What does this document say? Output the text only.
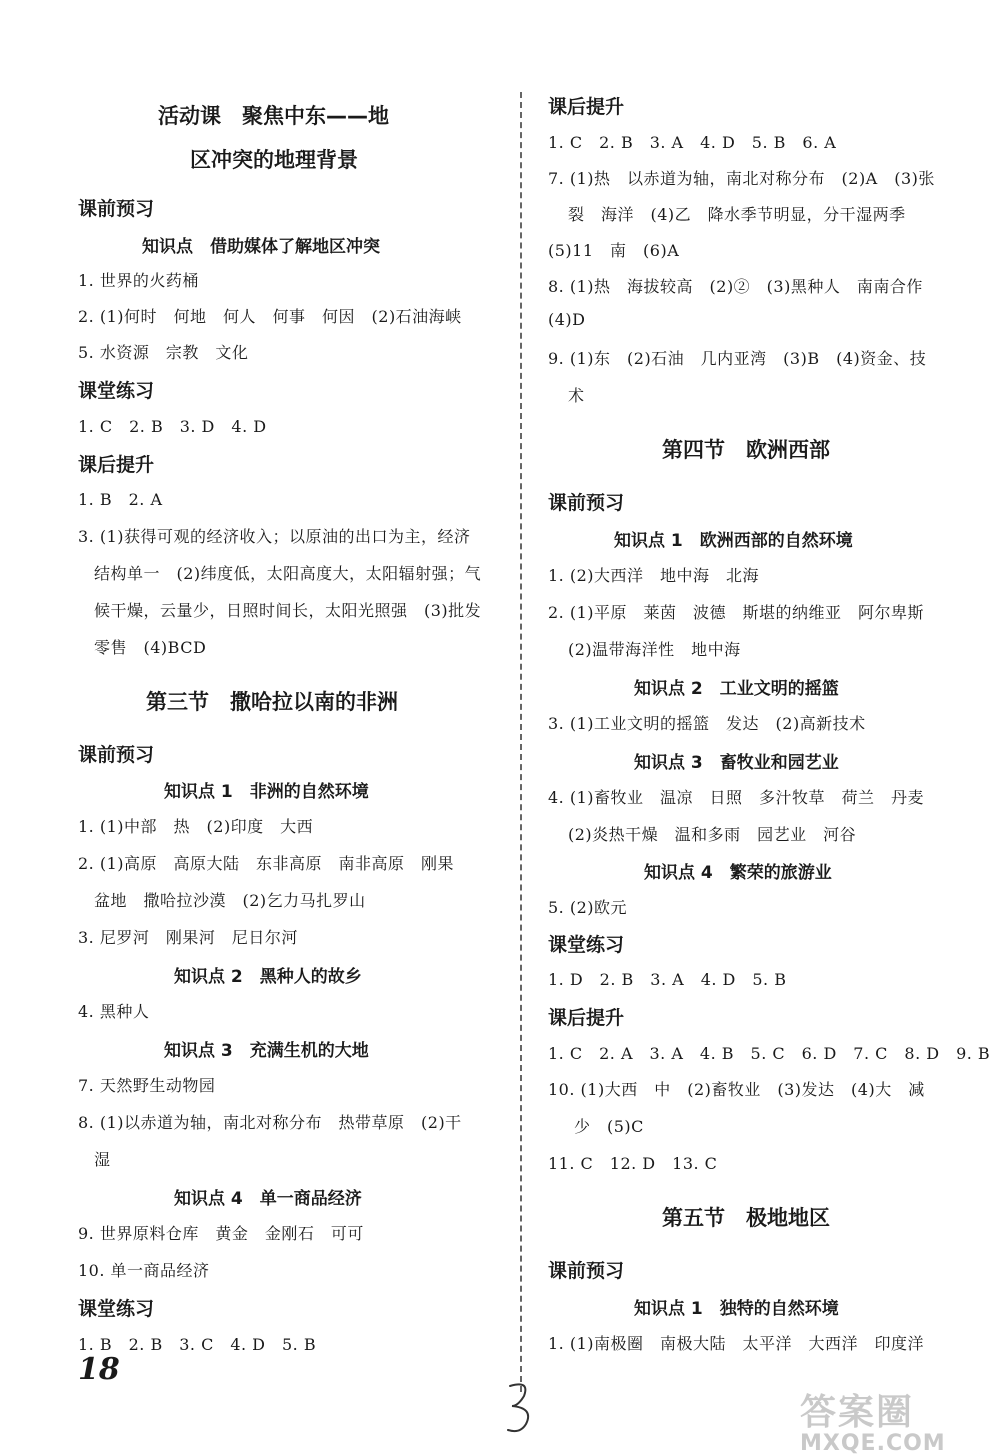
活动课　聚焦中东——地
区冲突的地理背景
课前预习
知识点　借助媒体了解地区冲突
1. 世界的火药桶
2. (1)何时　何地　何人　何事　何因　(2)石油海峡
5. 水资源　宗教　文化
课堂练习
1. C　2. B　3. D　4. D
课后提升
1. B　2. A
3. (1)获得可观的经济收入；以原油的出口为主，经济
结构单一　(2)纬度低，太阳高度大，太阳辐射强；气
候干燥，云量少，日照时间长，太阳光照强　(3)批发
零售　(4)BCD
第三节　撒哈拉以南的非洲
课前预习
知识点 1　非洲的自然环境
1. (1)中部　热　(2)印度　大西
2. (1)高原　高原大陆　东非高原　南非高原　刚果
盆地　撒哈拉沙漠　(2)乞力马扎罗山
3. 尼罗河　刚果河　尼日尔河
知识点 2　黑种人的故乡
4. 黑种人
知识点 3　充满生机的大地
7. 天然野生动物园
8. (1)以赤道为轴，南北对称分布　热带草原　(2)干
湿
知识点 4　单一商品经济
9. 世界原料仓库　黄金　金刚石　可可
10. 单一商品经济
课堂练习
1. B　2. B　3. C　4. D　5. B
课后提升
1. C　2. B　3. A　4. D　5. B　6. A
7. (1)热　以赤道为轴，南北对称分布　(2)A　(3)张
裂　海洋　(4)乙　降水季节明显，分干湿两季
(5)11　南　(6)A
8. (1)热　海拔较高　(2)②　(3)黑种人　南南合作
(4)D
9. (1)东　(2)石油　几内亚湾　(3)B　(4)资金、技
术
第四节　欧洲西部
课前预习
知识点 1　欧洲西部的自然环境
1. (2)大西洋　地中海　北海
2. (1)平原　莱茵　波德　斯堪的纳维亚　阿尔卑斯
(2)温带海洋性　地中海
知识点 2　工业文明的摇篮
3. (1)工业文明的摇篮　发达　(2)高新技术
知识点 3　畜牧业和园艺业
4. (1)畜牧业　温凉　日照　多汁牧草　荷兰　丹麦
(2)炎热干燥　温和多雨　园艺业　河谷
知识点 4　繁荣的旅游业
5. (2)欧元
课堂练习
1. D　2. B　3. A　4. D　5. B
课后提升
1. C　2. A　3. A　4. B　5. C　6. D　7. C　8. D　9. B
10. (1)大西　中　(2)畜牧业　(3)发达　(4)大　减
少　(5)C
11. C　12. D　13. C
第五节　极地地区
课前预习
知识点 1　独特的自然环境
1. (1)南极圈　南极大陆　太平洋　大西洋　印度洋
18
答案圈
MXQE.COM
